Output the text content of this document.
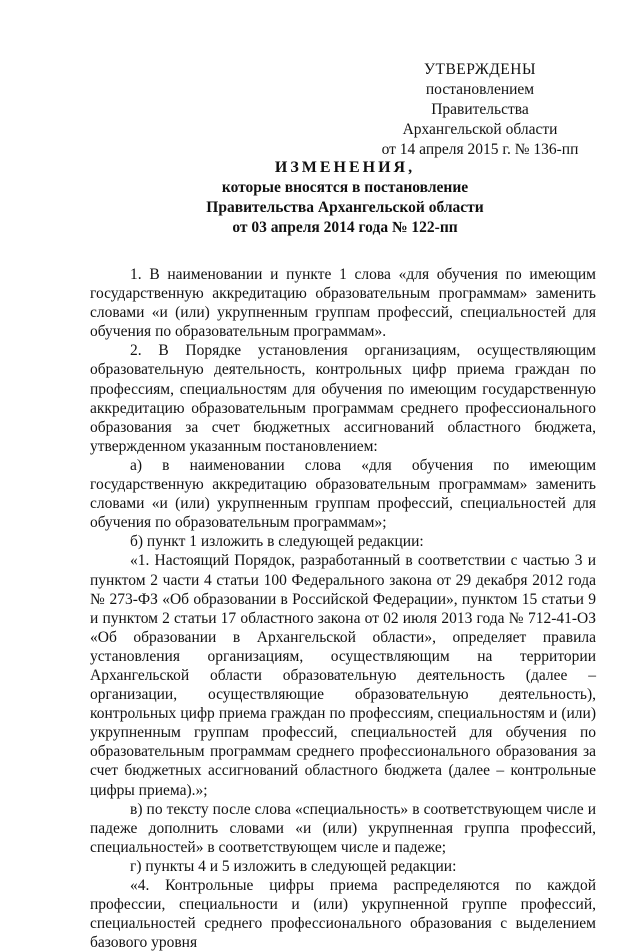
УТВЕРЖДЕНЫ
постановлением Правительства
Архангельской области
от 14 апреля 2015 г. № 136-пп
ИЗМЕНЕНИЯ,
которые вносятся в постановление
Правительства Архангельской области
от 03 апреля 2014 года № 122-пп

1. В наименовании и пункте 1 слова «для обучения по имеющим государственную аккредитацию образовательным программам» заменить словами «и (или) укрупненным группам профессий, специальностей для обучения по образовательным программам».

2. В Порядке установления организациям, осуществляющим образовательную деятельность, контрольных цифр приема граждан по профессиям, специальностям для обучения по имеющим государственную аккредитацию образовательным программам среднего профессионального образования за счет бюджетных ассигнований областного бюджета, утвержденном указанным постановлением:

а) в наименовании слова «для обучения по имеющим государственную аккредитацию образовательным программам» заменить словами «и (или) укрупненным группам профессий, специальностей для обучения по образовательным программам»;

б) пункт 1 изложить в следующей редакции:

«1. Настоящий Порядок, разработанный в соответствии с частью 3 и пунктом 2 части 4 статьи 100 Федерального закона от 29 декабря 2012 года № 273-ФЗ «Об образовании в Российской Федерации», пунктом 15 статьи 9 и пунктом 2 статьи 17 областного закона от 02 июля 2013 года № 712-41-ОЗ «Об образовании в Архангельской области», определяет правила установления организациям, осуществляющим на территории Архангельской области образовательную деятельность (далее – организации, осуществляющие образовательную деятельность), контрольных цифр приема граждан по профессиям, специальностям и (или) укрупненным группам профессий, специальностей для обучения по образовательным программам среднего профессионального образования за счет бюджетных ассигнований областного бюджета (далее – контрольные цифры приема).»;

в) по тексту после слова «специальность» в соответствующем числе и падеже дополнить словами «и (или) укрупненная группа профессий, специальностей» в соответствующем числе и падеже;

г) пункты 4 и 5 изложить в следующей редакции:

«4. Контрольные цифры приема распределяются по каждой профессии, специальности и (или) укрупненной группе профессий, специальностей среднего профессионального образования с выделением базового уровня
